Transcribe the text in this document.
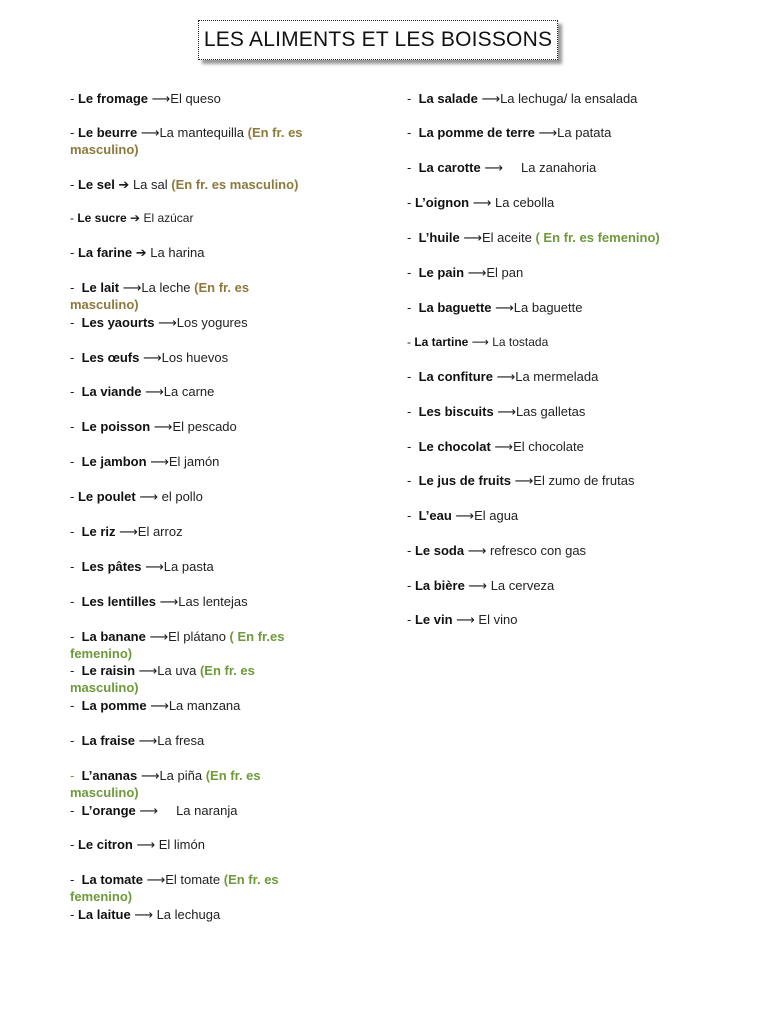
LES ALIMENTS ET LES BOISSONS
- Le fromage ⟶El queso
- Le beurre ⟶La mantequilla (En fr. es masculino)
- Le sel ➔ La sal (En fr. es masculino)
- Le sucre ➔ El azúcar
- La farine ➔ La harina
-  Le lait ⟶La leche (En fr. es masculino)
-  Les yaourts ⟶Los yogures
-  Les œufs ⟶Los huevos
-  La viande ⟶La carne
-  Le poisson ⟶El pescado
-  Le jambon ⟶El jamón
- Le poulet ⟶ el pollo
-  Le riz ⟶El arroz
-  Les pâtes ⟶La pasta
-  Les lentilles ⟶Las lentejas
-  La banane ⟶El plátano ( En fr.es femenino)
-  Le raisin ⟶La uva (En fr. es masculino)
-  La pomme ⟶La manzana
-  La fraise ⟶La fresa
-  L’ananas ⟶La piña (En fr. es masculino)
-  L’orange ⟶     La naranja
- Le citron ⟶ El limón
-  La tomate ⟶El tomate (En fr. es femenino)
- La laitue ⟶ La lechuga
-  La salade ⟶La lechuga/ la ensalada
-  La pomme de terre ⟶La patata
-  La carotte ⟶     La zanahoria
- L’oignon ⟶ La cebolla
-  L’huile ⟶El aceite ( En fr. es femenino)
-  Le pain ⟶El pan
-  La baguette ⟶La baguette
- La tartine ⟶ La tostada
-  La confiture ⟶La mermelada
-  Les biscuits ⟶Las galletas
-  Le chocolat ⟶El chocolate
-  Le jus de fruits ⟶El zumo de frutas
-  L’eau ⟶El agua
- Le soda ⟶ refresco con gas
- La bière ⟶ La cerveza
- Le vin ⟶ El vino
